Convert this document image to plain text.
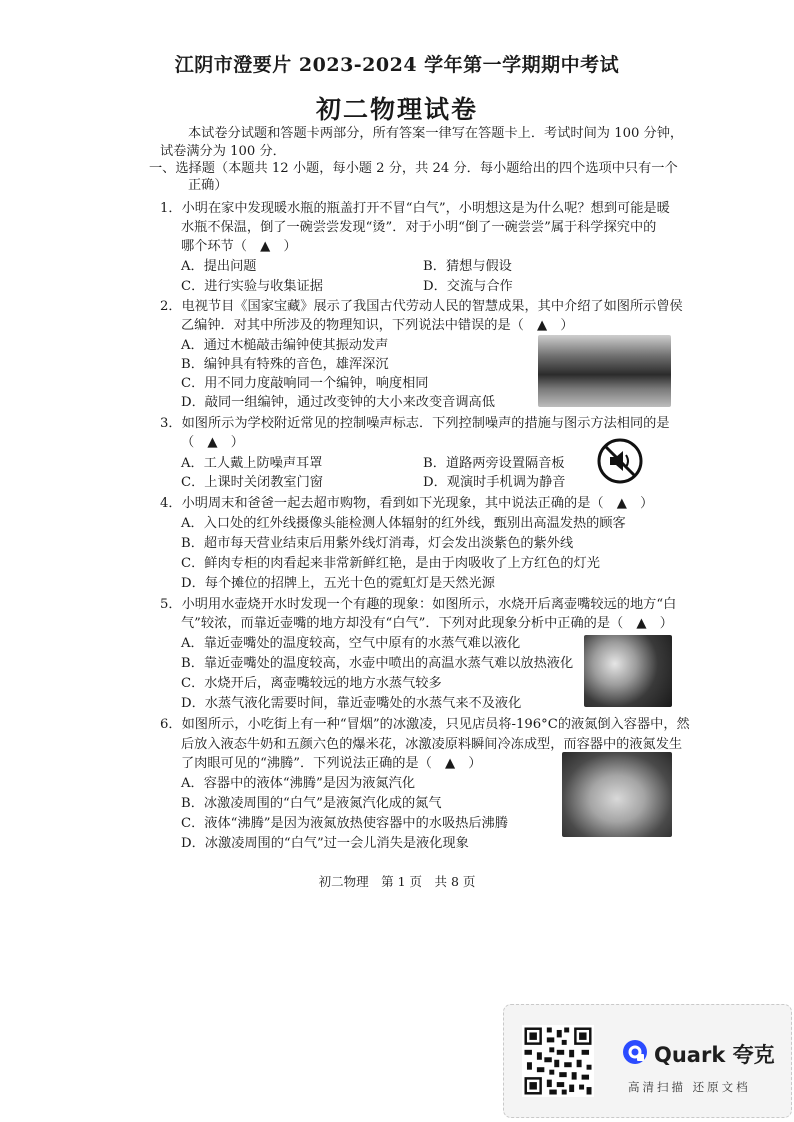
江阴市澄要片 2023-2024 学年第一学期期中考试
初二物理试卷
本试卷分试题和答题卡两部分，所有答案一律写在答题卡上．考试时间为 100 分钟，
试卷满分为 100 分．
一、选择题（本题共 12 小题，每小题 2 分，共 24 分．每小题给出的四个选项中只有一个
正确）
1．小明在家中发现暖水瓶的瓶盖打开不冒“白气”，小明想这是为什么呢？想到可能是暖
水瓶不保温，倒了一碗尝尝发现“烫”．对于小明“倒了一碗尝尝”属于科学探究中的
哪个环节（　▲　）
A．提出问题	B．猜想与假设
C．进行实验与收集证据	D．交流与合作
2．电视节目《国家宝藏》展示了我国古代劳动人民的智慧成果，其中介绍了如图所示曾侯
乙编钟．对其中所涉及的物理知识，下列说法中错误的是（　▲　）
A．通过木槌敲击编钟使其振动发声
B．编钟具有特殊的音色，雄浑深沉
C．用不同力度敲响同一个编钟，响度相同
D．敲同一组编钟，通过改变钟的大小来改变音调高低
3．如图所示为学校附近常见的控制噪声标志．下列控制噪声的措施与图示方法相同的是
（　▲　）
A．工人戴上防噪声耳罩	B．道路两旁设置隔音板
C．上课时关闭教室门窗	D．观演时手机调为静音
4．小明周末和爸爸一起去超市购物，看到如下光现象，其中说法正确的是（　▲　）
A．入口处的红外线摄像头能检测人体辐射的红外线，甄别出高温发热的顾客
B．超市每天营业结束后用紫外线灯消毒，灯会发出淡紫色的紫外线
C．鲜肉专柜的肉看起来非常新鲜红艳，是由于肉吸收了上方红色的灯光
D．每个摊位的招牌上，五光十色的霓虹灯是天然光源
5．小明用水壶烧开水时发现一个有趣的现象：如图所示，水烧开后离壶嘴较远的地方“白
气”较浓，而靠近壶嘴的地方却没有“白气”．下列对此现象分析中正确的是（　▲　）
A．靠近壶嘴处的温度较高，空气中原有的水蒸气难以液化
B．靠近壶嘴处的温度较高，水壶中喷出的高温水蒸气难以放热液化
C．水烧开后，离壶嘴较远的地方水蒸气较多
D．水蒸气液化需要时间，靠近壶嘴处的水蒸气来不及液化
6．如图所示，小吃街上有一种“冒烟”的冰激凌，只见店员将-196°C的液氮倒入容器中，然
后放入液态牛奶和五颜六色的爆米花，冰激凌原料瞬间冷冻成型，而容器中的液氮发生
了肉眼可见的“沸腾”．下列说法正确的是（　▲　）
A．容器中的液体“沸腾”是因为液氮汽化
B．冰激凌周围的“白气”是液氮汽化成的氮气
C．液体“沸腾”是因为液氮放热使容器中的水吸热后沸腾
D．冰激凌周围的“白气”过一会儿消失是液化现象
初二物理　第 1 页　共 8 页
Quark 夸克
高清扫描 还原文档
